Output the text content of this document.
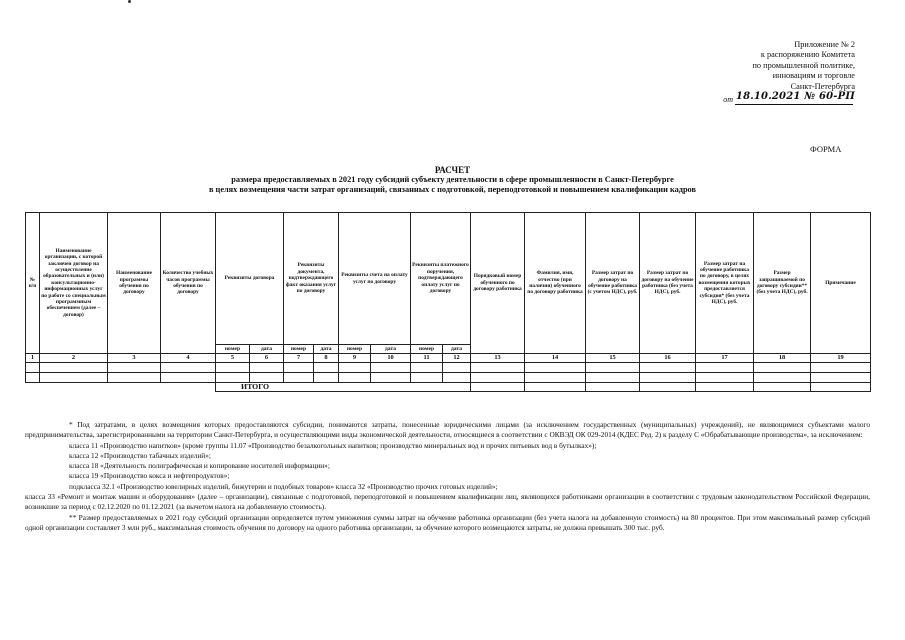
Приложение № 2
к распоряжению Комитета
по промышленной политике,
инновациям и торговле
Санкт-Петербурга
от 18.10.2021 № 60-РП
ФОРМА
РАСЧЕТ
размера предоставляемых в 2021 году субсидий субъекту деятельности в сфере промышленности в Санкт-Петербурге
в целях возмещения части затрат организаций, связанных с подготовкой, переподготовкой и повышением квалификации кадров
№ п/п	Наименование организации, с которой заключен договор на осуществление образовательных и (или) консультационно-информационных услуг по работе со специальным программным обеспечением (далее – договор)	Наименование программы обучения по договору	Количество учебных часов программы обучения по договору	Реквизиты договора		Реквизиты документа, подтверждающего факт оказания услуг по договору		Реквизиты счета на оплату услуг по договору		Реквизиты платежного поручения, подтверждающего оплату услуг по договору		Порядковый номер обученного по договору работника	Фамилия, имя, отчество (при наличии) обученного по договору работника	Размер затрат по договору на обучение работника (с учетом НДС), руб.	Размер затрат по договору на обучение работника (без учета НДС), руб.	Размер затрат на обучение работника по договору, в целях возмещения которых предоставляется субсидия* (без учета НДС), руб.	Размер запрашиваемой по договору субсидии** (без учета НДС), руб.	Примечание
				номер	дата	номер	дата	номер	дата	номер	дата							
1	2	3	4	5	6	7	8	9	10	11	12	13	14	15	16	17	18	19

				ИТОГО														

* Под затратами, в целях возмещения которых предоставляются субсидии, понимаются затраты, понесенные юридическими лицами (за исключением государственных (муниципальных) учреждений), не являющимися субъектами малого предпринимательства, зарегистрированными на территории Санкт-Петербурга, и осуществляющими виды экономической деятельности, относящиеся в соответствии с ОКВЭД ОК 029-2014 (КДЕС Ред. 2) к разделу С «Обрабатывающие производства», за исключением:

класса 11 «Производство напитков» (кроме группы 11.07 «Производство безалкогольных напитков; производство минеральных вод и прочих питьевых вод в бутылках»);

класса 12 «Производство табачных изделий»;

класса 18 «Деятельность полиграфическая и копирование носителей информации»;

класса 19 «Производство кокса и нефтепродуктов»;

подкласса 32.1 «Производство ювелирных изделий, бижутерии и подобных товаров» класса 32 «Производство прочих готовых изделий»;

класса 33 «Ремонт и монтаж машин и оборудования» (далее – организации), связанные с подготовкой, переподготовкой и повышением квалификации лиц, являющихся работниками организации в соответствии с трудовым законодательством Российской Федерации, возникшие за период с 02.12.2020 по 01.12.2021 (за вычетом налога на добавленную стоимость).

** Размер предоставляемых в 2021 году субсидий организации определяется путем умножения суммы затрат на обучение работника организации (без учета налога на добавленную стоимость) на 80 процентов. При этом максимальный размер субсидий одной организации составляет 3 млн руб., максимальная стоимость обучения по договору на одного работника организации, за обучение которого возмещаются затраты, не должна превышать 300 тыс. руб.
